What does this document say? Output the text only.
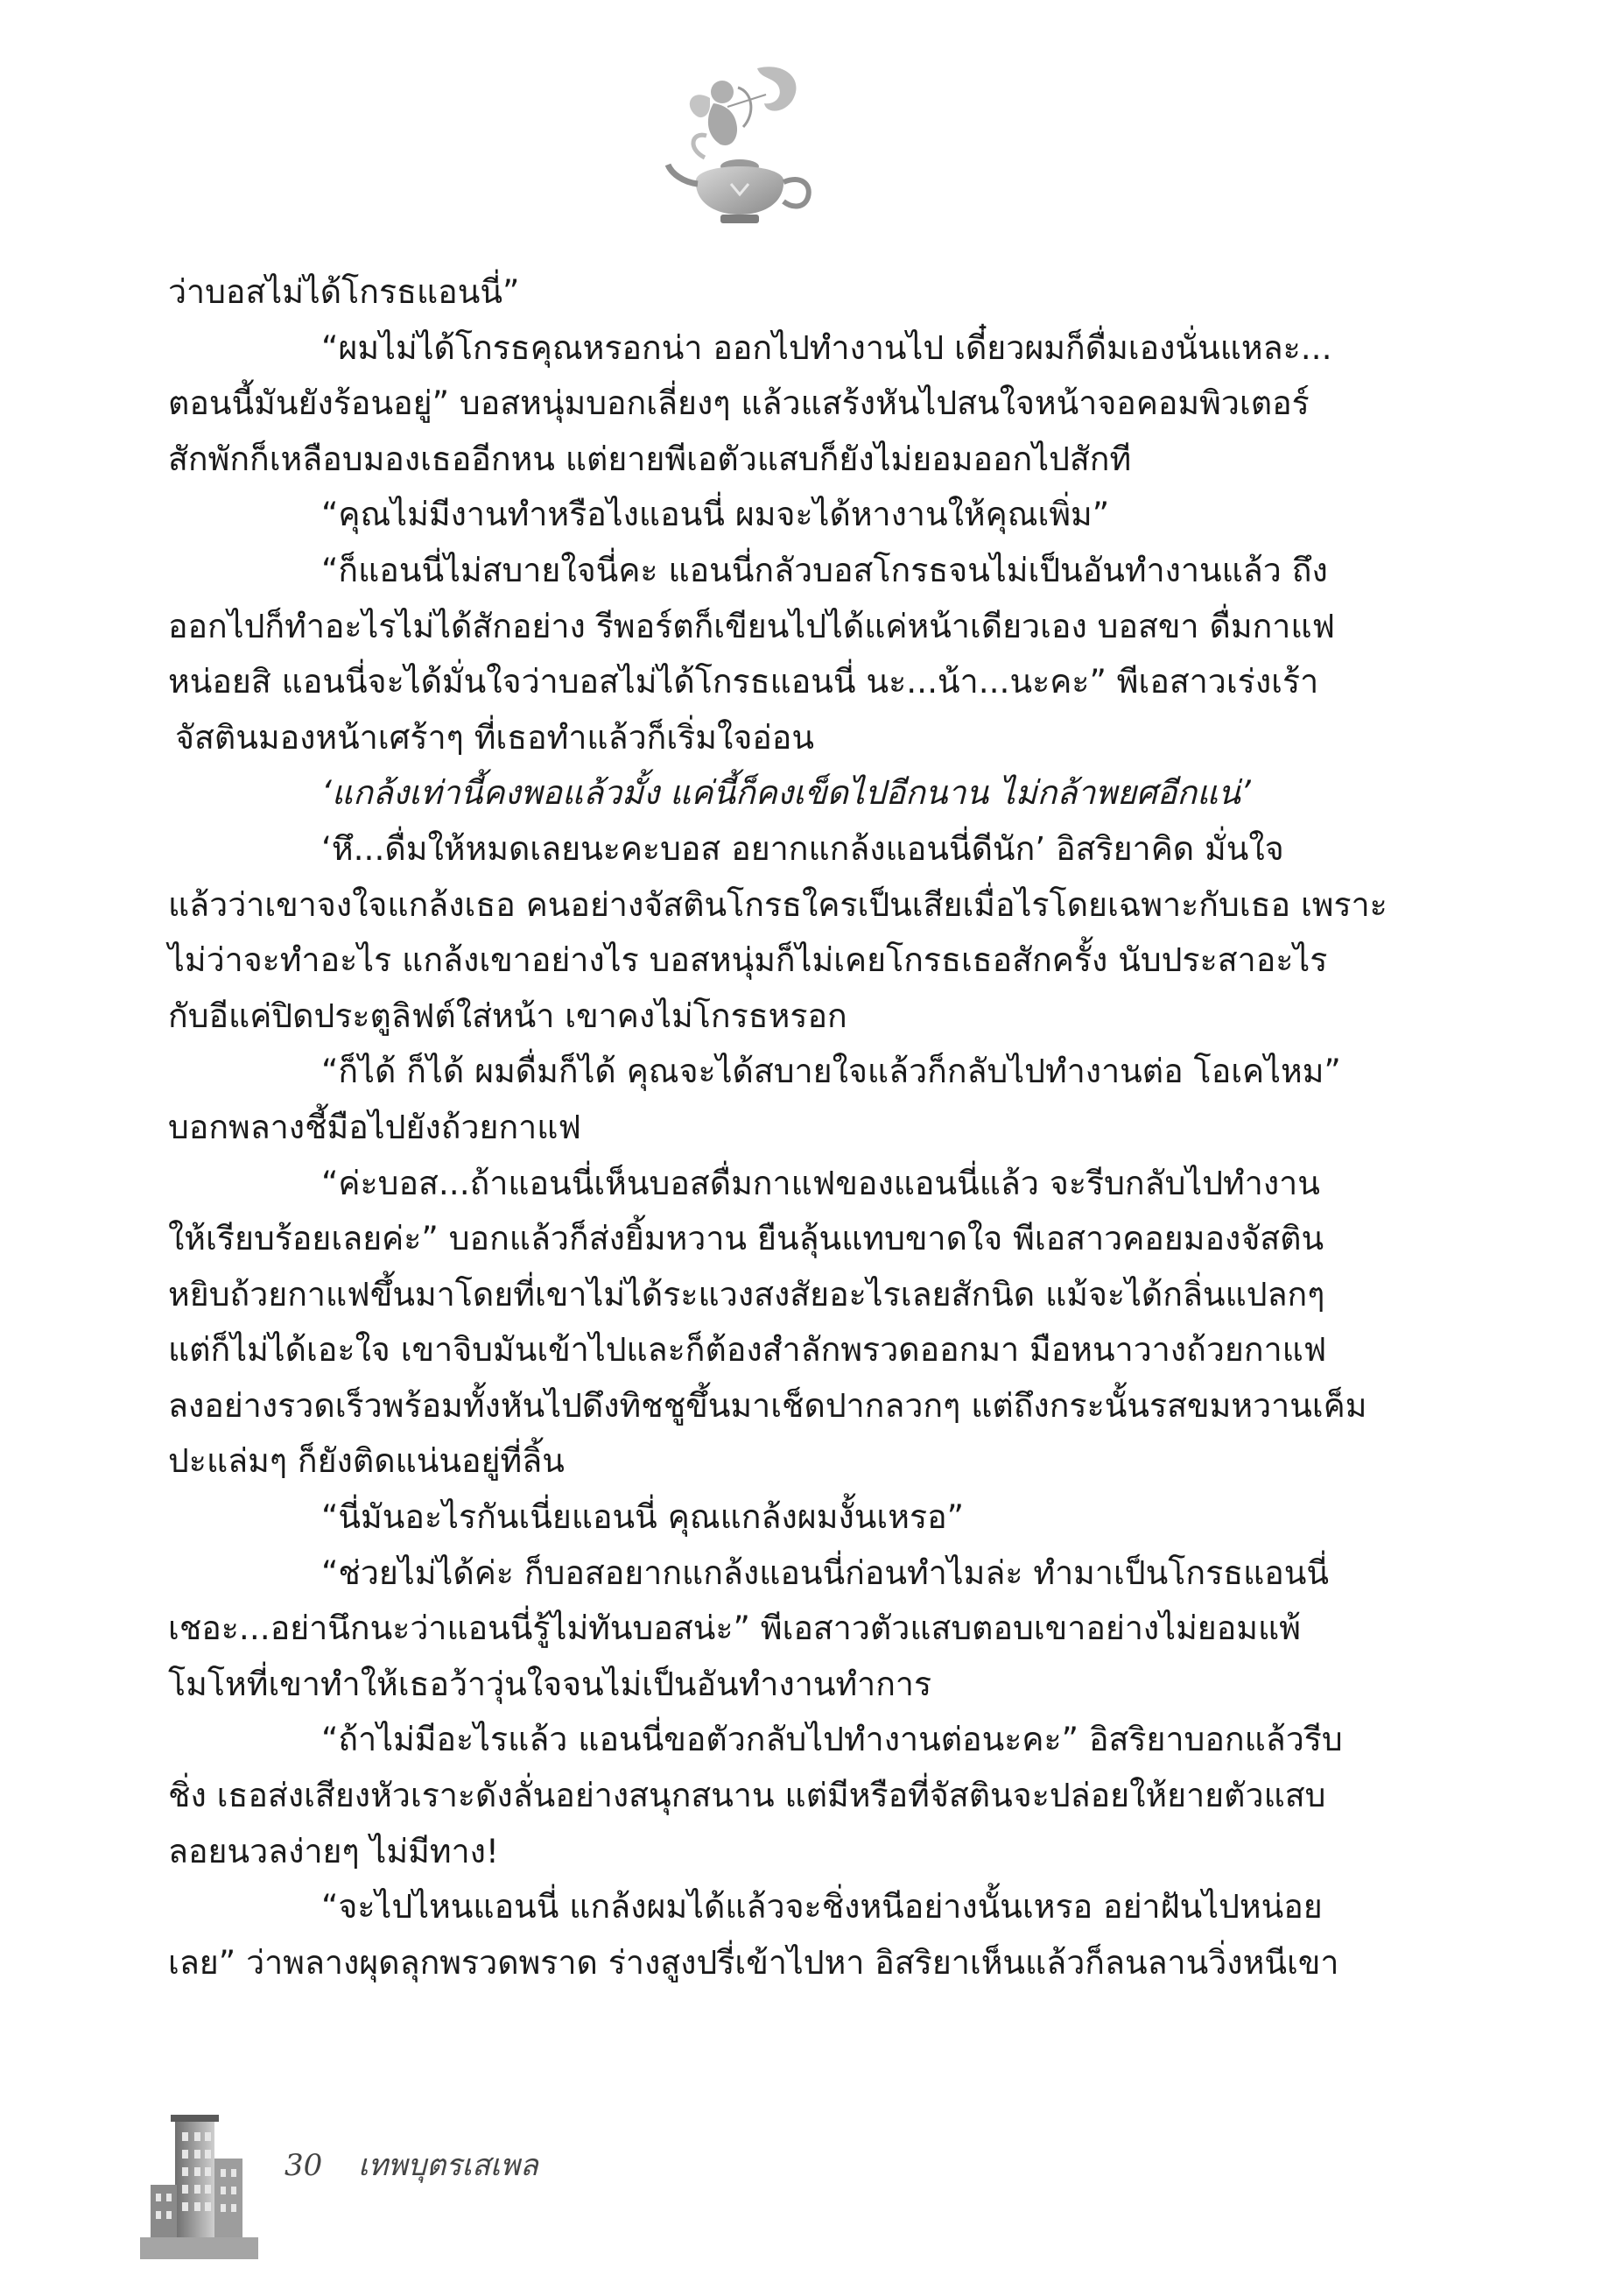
ว่าบอสไม่ได้โกรธแอนนี่”

“ผมไม่ได้โกรธคุณหรอกน่า ออกไปทำงานไป เดี๋ยวผมก็ดื่มเองนั่นแหละ...

ตอนนี้มันยังร้อนอยู่” บอสหนุ่มบอกเลี่ยงๆ แล้วแสร้งหันไปสนใจหน้าจอคอมพิวเตอร์

สักพักก็เหลือบมองเธออีกหน แต่ยายพีเอตัวแสบก็ยังไม่ยอมออกไปสักที

“คุณไม่มีงานทำหรือไงแอนนี่ ผมจะได้หางานให้คุณเพิ่ม”

“ก็แอนนี่ไม่สบายใจนี่คะ แอนนี่กลัวบอสโกรธจนไม่เป็นอันทำงานแล้ว ถึง

ออกไปก็ทำอะไรไม่ได้สักอย่าง รีพอร์ตก็เขียนไปได้แค่หน้าเดียวเอง บอสขา ดื่มกาแฟ

หน่อยสิ แอนนี่จะได้มั่นใจว่าบอสไม่ได้โกรธแอนนี่ นะ...น้า...นะคะ” พีเอสาวเร่งเร้า

จัสตินมองหน้าเศร้าๆ ที่เธอทำแล้วก็เริ่มใจอ่อน

‘แกล้งเท่านี้คงพอแล้วมั้ง แค่นี้ก็คงเข็ดไปอีกนาน ไม่กล้าพยศอีกแน่’

‘หึ...ดื่มให้หมดเลยนะคะบอส อยากแกล้งแอนนี่ดีนัก’ อิสริยาคิด มั่นใจ

แล้วว่าเขาจงใจแกล้งเธอ คนอย่างจัสตินโกรธใครเป็นเสียเมื่อไรโดยเฉพาะกับเธอ เพราะ

ไม่ว่าจะทำอะไร แกล้งเขาอย่างไร บอสหนุ่มก็ไม่เคยโกรธเธอสักครั้ง นับประสาอะไร

กับอีแค่ปิดประตูลิฟต์ใส่หน้า เขาคงไม่โกรธหรอก

“ก็ได้ ก็ได้ ผมดื่มก็ได้ คุณจะได้สบายใจแล้วก็กลับไปทำงานต่อ โอเคไหม”

บอกพลางชี้มือไปยังถ้วยกาแฟ

“ค่ะบอส...ถ้าแอนนี่เห็นบอสดื่มกาแฟของแอนนี่แล้ว จะรีบกลับไปทำงาน

ให้เรียบร้อยเลยค่ะ” บอกแล้วก็ส่งยิ้มหวาน ยืนลุ้นแทบขาดใจ พีเอสาวคอยมองจัสติน

หยิบถ้วยกาแฟขึ้นมาโดยที่เขาไม่ได้ระแวงสงสัยอะไรเลยสักนิด แม้จะได้กลิ่นแปลกๆ

แต่ก็ไม่ได้เอะใจ เขาจิบมันเข้าไปและก็ต้องสำลักพรวดออกมา มือหนาวางถ้วยกาแฟ

ลงอย่างรวดเร็วพร้อมทั้งหันไปดึงทิชชูขึ้นมาเช็ดปากลวกๆ แต่ถึงกระนั้นรสขมหวานเค็ม

ปะแล่มๆ ก็ยังติดแน่นอยู่ที่ลิ้น

“นี่มันอะไรกันเนี่ยแอนนี่ คุณแกล้งผมงั้นเหรอ”

“ช่วยไม่ได้ค่ะ ก็บอสอยากแกล้งแอนนี่ก่อนทำไมล่ะ ทำมาเป็นโกรธแอนนี่

เชอะ...อย่านึกนะว่าแอนนี่รู้ไม่ทันบอสน่ะ” พีเอสาวตัวแสบตอบเขาอย่างไม่ยอมแพ้

โมโหที่เขาทำให้เธอว้าวุ่นใจจนไม่เป็นอันทำงานทำการ

“ถ้าไม่มีอะไรแล้ว แอนนี่ขอตัวกลับไปทำงานต่อนะคะ” อิสริยาบอกแล้วรีบ

ชิ่ง เธอส่งเสียงหัวเราะดังลั่นอย่างสนุกสนาน แต่มีหรือที่จัสตินจะปล่อยให้ยายตัวแสบ

ลอยนวลง่ายๆ ไม่มีทาง!

“จะไปไหนแอนนี่ แกล้งผมได้แล้วจะชิ่งหนีอย่างนั้นเหรอ อย่าฝันไปหน่อย

เลย” ว่าพลางผุดลุกพรวดพราด ร่างสูงปรี่เข้าไปหา อิสริยาเห็นแล้วก็ลนลานวิ่งหนีเขา

30 เทพบุตรเสเพล
